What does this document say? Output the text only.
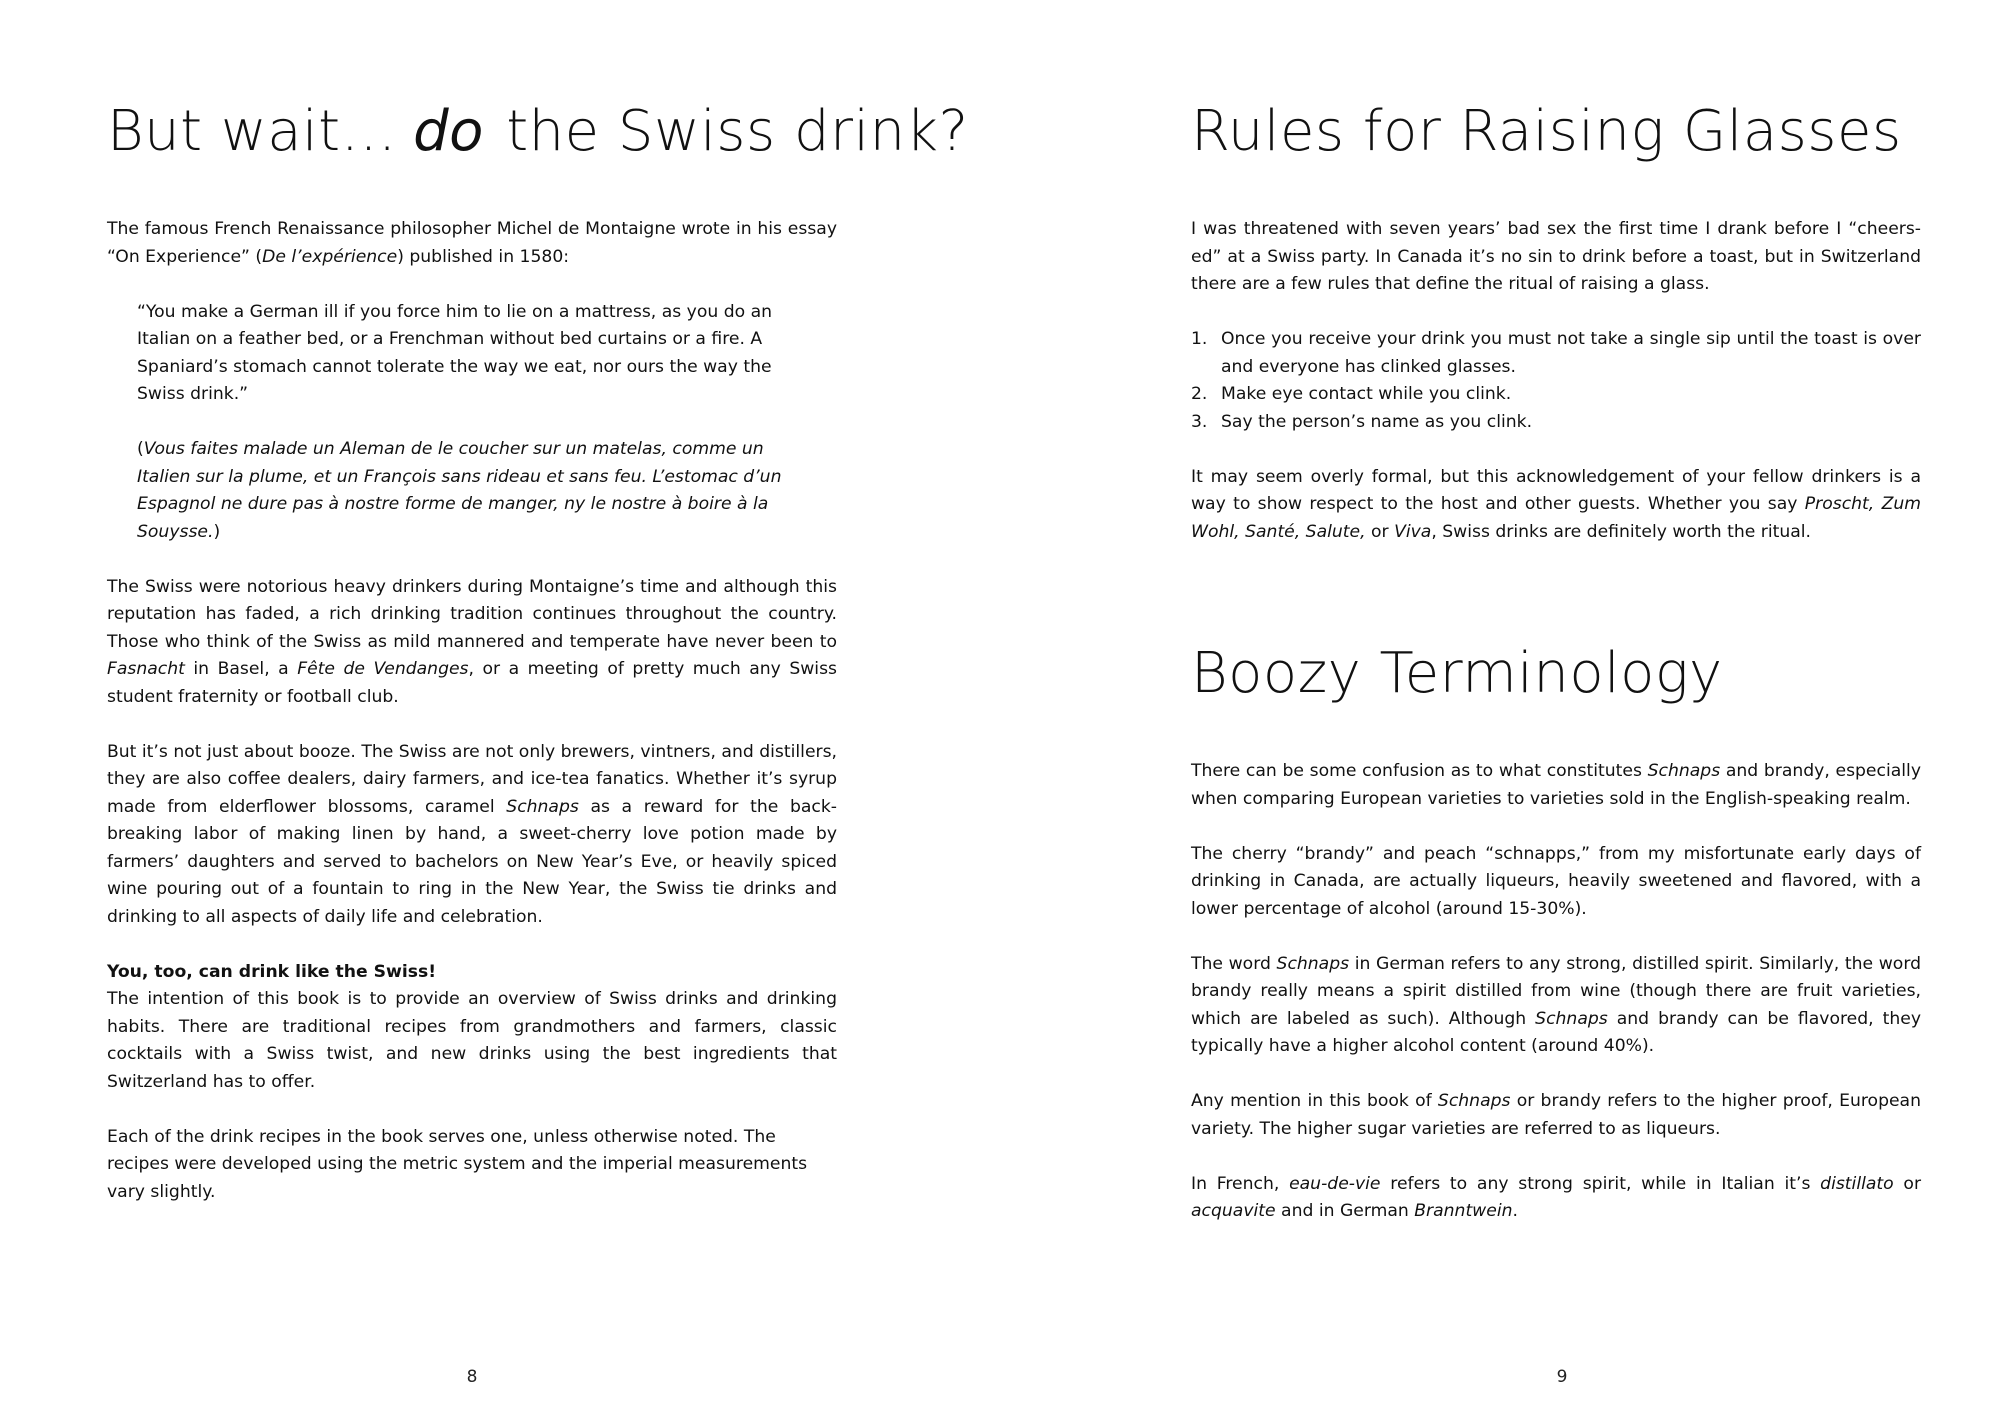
But wait… do the Swiss drink?

The famous French Renaissance philosopher Michel de Montaigne wrote in his essay “On Experience” (De l’expérience) published in 1580:

“You make a German ill if you force him to lie on a mattress, as you do an Italian on a feather bed, or a Frenchman without bed curtains or a fire. A Spaniard’s stomach cannot tolerate the way we eat, nor ours the way the Swiss drink.”

(Vous faites malade un Aleman de le coucher sur un matelas, comme un Italien sur la plume, et un François sans rideau et sans feu. L’estomac d’un Espagnol ne dure pas à nostre forme de manger, ny le nostre à boire à la Souysse.)

The Swiss were notorious heavy drinkers during Montaigne’s time and although this reputation has faded, a rich drinking tradition continues throughout the country. Those who think of the Swiss as mild mannered and temperate have never been to Fasnacht in Basel, a Fête de Vendanges, or a meeting of pretty much any Swiss student fraternity or football club.

But it’s not just about booze. The Swiss are not only brewers, vintners, and distillers, they are also coffee dealers, dairy farmers, and ice-tea fanatics. Whether it’s syrup made from elderflower blossoms, caramel Schnaps as a reward for the back-breaking labor of making linen by hand, a sweet-cherry love potion made by farmers’ daughters and served to bachelors on New Year’s Eve, or heavily spiced wine pouring out of a fountain to ring in the New Year, the Swiss tie drinks and drinking to all aspects of daily life and celebration.

You, too, can drink like the Swiss!

The intention of this book is to provide an overview of Swiss drinks and drinking habits. There are traditional recipes from grandmothers and farmers, classic cocktails with a Swiss twist, and new drinks using the best ingredients that Switzerland has to offer.

Each of the drink recipes in the book serves one, unless otherwise noted. The recipes were developed using the metric system and the imperial measurements vary slightly.

8
Rules for Raising Glasses

I was threatened with seven years’ bad sex the first time I drank before I “cheers-ed” at a Swiss party. In Canada it’s no sin to drink before a toast, but in Switzerland there are a few rules that define the ritual of raising a glass.

1. Once you receive your drink you must not take a single sip until the toast is over and everyone has clinked glasses.
2. Make eye contact while you clink.
3. Say the person’s name as you clink.

It may seem overly formal, but this acknowledgement of your fellow drinkers is a way to show respect to the host and other guests. Whether you say Proscht, Zum Wohl, Santé, Salute, or Viva, Swiss drinks are definitely worth the ritual.

Boozy Terminology

There can be some confusion as to what constitutes Schnaps and brandy, especially when comparing European varieties to varieties sold in the English-speaking realm.

The cherry “brandy” and peach “schnapps,” from my misfortunate early days of drinking in Canada, are actually liqueurs, heavily sweetened and flavored, with a lower percentage of alcohol (around 15-30%).

The word Schnaps in German refers to any strong, distilled spirit. Similarly, the word brandy really means a spirit distilled from wine (though there are fruit varieties, which are labeled as such). Although Schnaps and brandy can be flavored, they typically have a higher alcohol content (around 40%).

Any mention in this book of Schnaps or brandy refers to the higher proof, European variety. The higher sugar varieties are referred to as liqueurs.

In French, eau-de-vie refers to any strong spirit, while in Italian it’s distillato or acquavite and in German Branntwein.

9
